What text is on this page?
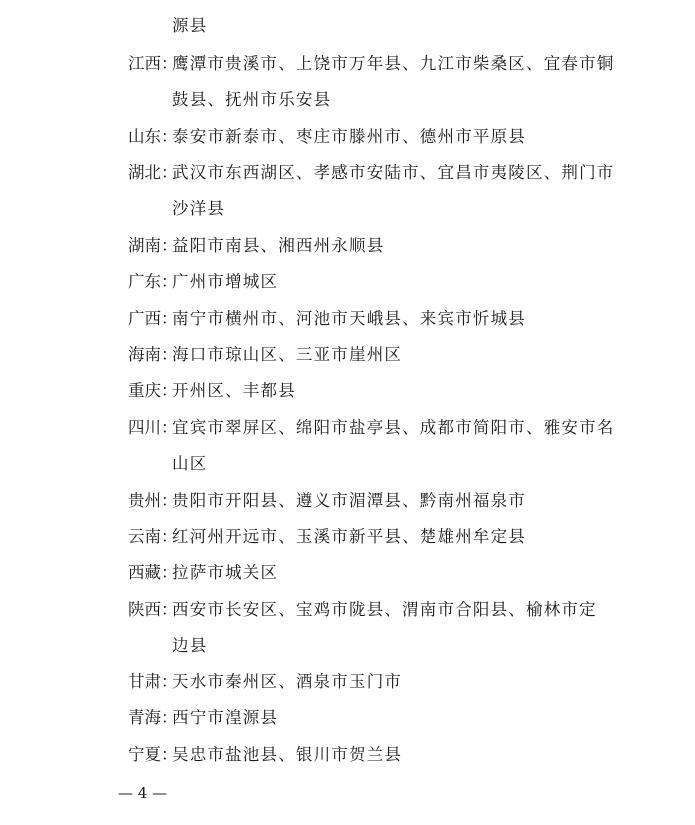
源县
江西：
鹰潭市贵溪市、上饶市万年县、九江市柴桑区、宜春市铜
鼓县、抚州市乐安县
山东：
泰安市新泰市、枣庄市滕州市、德州市平原县
湖北：
武汉市东西湖区、孝感市安陆市、宜昌市夷陵区、荆门市
沙洋县
湖南：
益阳市南县、湘西州永顺县
广东：
广州市增城区
广西：
南宁市横州市、河池市天峨县、来宾市忻城县
海南：
海口市琼山区、三亚市崖州区
重庆：
开州区、丰都县
四川：
宜宾市翠屏区、绵阳市盐亭县、成都市简阳市、雅安市名
山区
贵州：
贵阳市开阳县、遵义市湄潭县、黔南州福泉市
云南：
红河州开远市、玉溪市新平县、楚雄州牟定县
西藏：
拉萨市城关区
陕西：
西安市长安区、宝鸡市陇县、渭南市合阳县、榆林市定
边县
甘肃：
天水市秦州区、酒泉市玉门市
青海：
西宁市湟源县
宁夏：
吴忠市盐池县、银川市贺兰县
— 4 —
